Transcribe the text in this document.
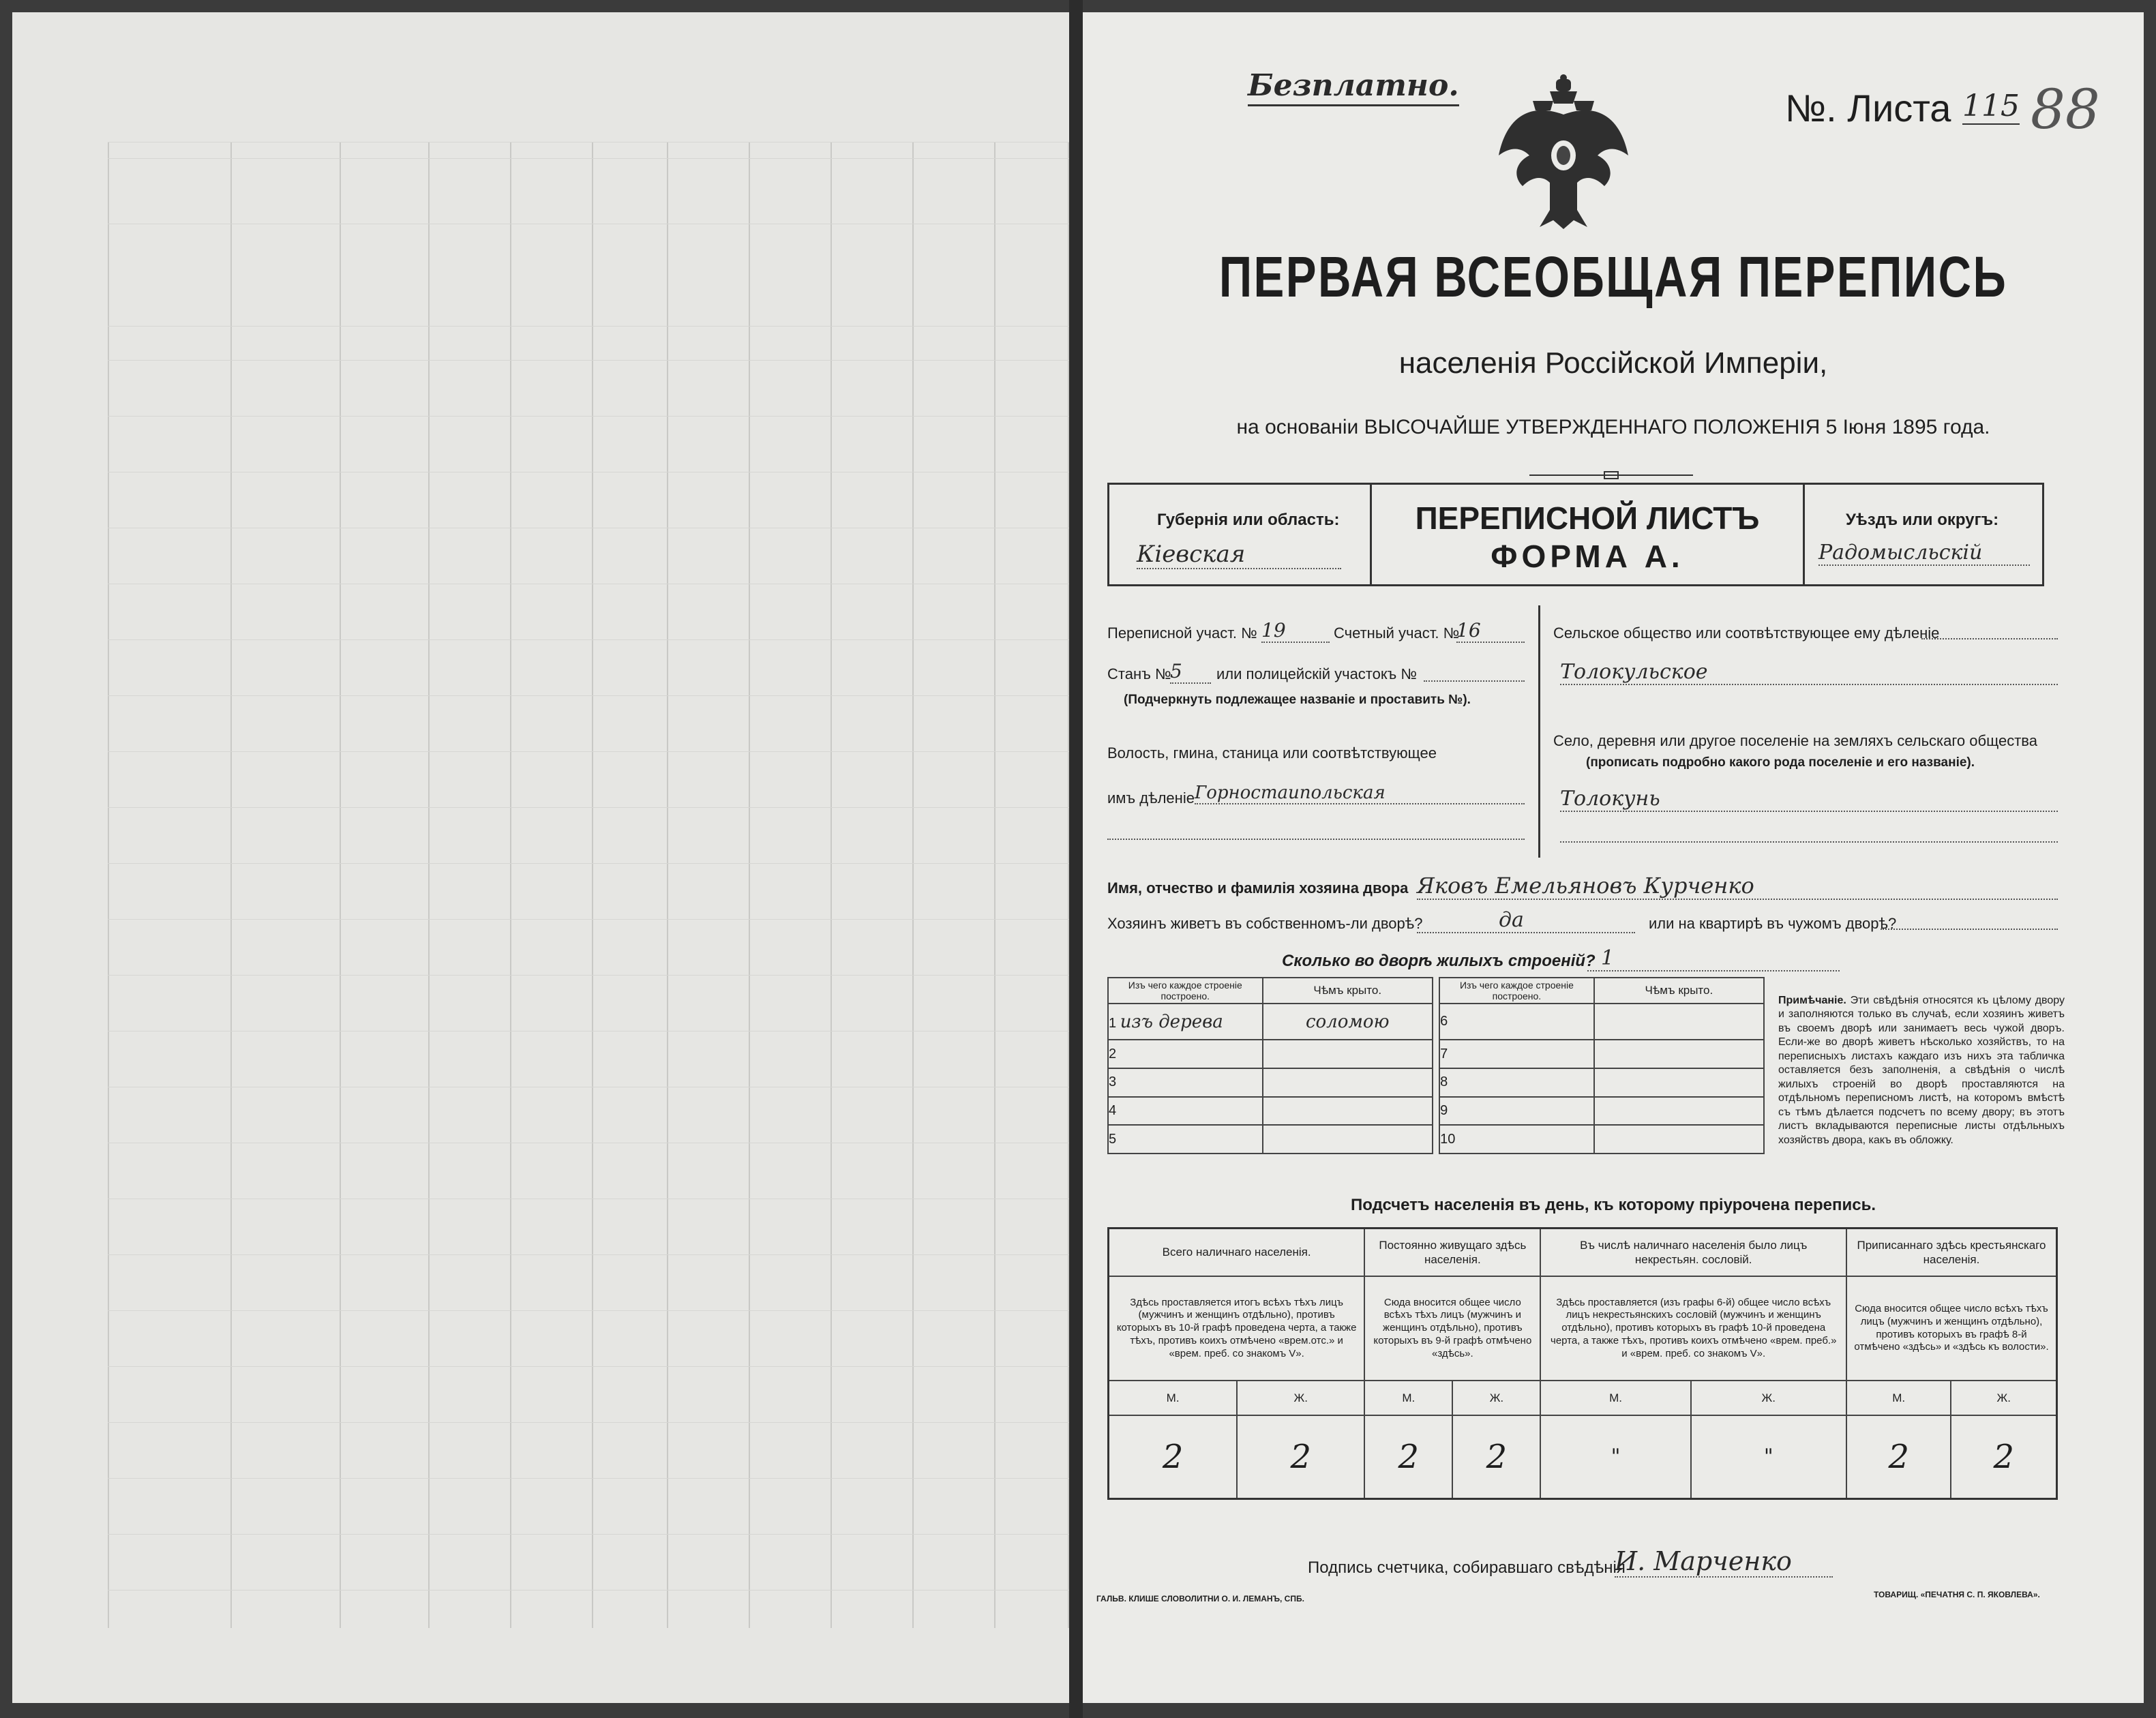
Безплатно.
№. Листа 115 88
ПЕРВАЯ ВСЕОБЩАЯ ПЕРЕПИСЬ
населенія Россійской Имперіи,
на основаніи ВЫСОЧАЙШЕ УТВЕРЖДЕННАГО ПОЛОЖЕНІЯ 5 Іюня 1895 года.
Губернія или область:
Кіевская
ПЕРЕПИСНОЙ ЛИСТЪ
ФОРМА А.
Уѣздъ или округъ:
Радомысльскій
Переписной участ. № 19	Счетный участ. №
16
Станъ №
5	или полицейскій участокъ №
(Подчеркнуть подлежащее названіе и проставить №).
Волость, гмина, станица или соотвѣтствующее
имъ дѣленіе Горностаипольская
Сельское общество или соотвѣтствующее ему дѣленіе
Толокульское
Село, деревня или другое поселеніе на земляхъ сельскаго общества
(прописать подробно какого рода поселеніе и его названіе).
Толокунь
Имя, отчество и фамилія хозяина двора Яковъ Емельяновъ Курченко
Хозяинъ живетъ въ собственномъ-ли дворѣ?	да	или на квартирѣ въ чужомъ дворѣ?
Сколько во дворѣ жилыхъ строеній? 1
Изъ чего каждое строеніе построено.	Чѣмъ крыто.		Изъ чего каждое строеніе построено.	Чѣмъ крыто.
1 изъ дерева	соломою		6	
2			7	
3			8	
4			9	
5			10	
Примѣчаніе. Эти свѣдѣнія относятся къ цѣлому двору и заполняются только въ случаѣ, если хозяинъ живетъ въ своемъ дворѣ или занимаетъ весь чужой дворъ. Если-же во дворѣ живетъ нѣсколько хозяйствъ, то на переписныхъ листахъ каждаго изъ нихъ эта табличка оставляется безъ заполненія, а свѣдѣнія о числѣ жилыхъ строеній во дворѣ проставляются на отдѣльномъ переписномъ листѣ, на которомъ вмѣстѣ съ тѣмъ дѣлается подсчетъ по всему двору; въ этотъ листъ вкладываются переписные листы отдѣльныхъ хозяйствъ двора, какъ въ обложку.
Подсчетъ населенія въ день, къ которому пріурочена перепись.
Всего наличнаго населенія.		Постоянно живущаго здѣсь населенія.		Въ числѣ наличнаго населенія было лицъ некрестьян. сословій.		Приписаннаго здѣсь крестьянскаго населенія.	
Здѣсь проставляется итогъ всѣхъ тѣхъ лицъ (мужчинъ и женщинъ отдѣльно), противъ которыхъ въ 10-й графѣ проведена черта, а также тѣхъ, противъ коихъ отмѣчено «врем.отс.» и «врем. преб. со знакомъ V».		Сюда вносится общее число всѣхъ тѣхъ лицъ (мужчинъ и женщинъ отдѣльно), противъ которыхъ въ 9-й графѣ отмѣчено «здѣсь».		Здѣсь проставляется (изъ графы 6-й) общее число всѣхъ лицъ некрестьянскихъ сословій (мужчинъ и женщинъ отдѣльно), противъ которыхъ въ графѣ 10-й проведена черта, а также тѣхъ, противъ коихъ отмѣчено «врем. преб.» и «врем. преб. со знакомъ V».		Сюда вносится общее число всѣхъ тѣхъ лицъ (мужчинъ и женщинъ отдѣльно), противъ которыхъ въ графѣ 8-й отмѣчено «здѣсь» и «здѣсь къ волости».	
М.	Ж.	М.	Ж.	М.	Ж.	М.	Ж.
2	2	2	2	"	"	2	2
Подпись счетчика, собиравшаго свѣдѣнія
И. Марченко
ГАЛЬВ. КЛИШЕ СЛОВОЛИТНИ О. И. ЛЕМАНЪ, СПБ.	ТОВАРИЩ. «ПЕЧАТНЯ С. П. ЯКОВЛЕВА».
